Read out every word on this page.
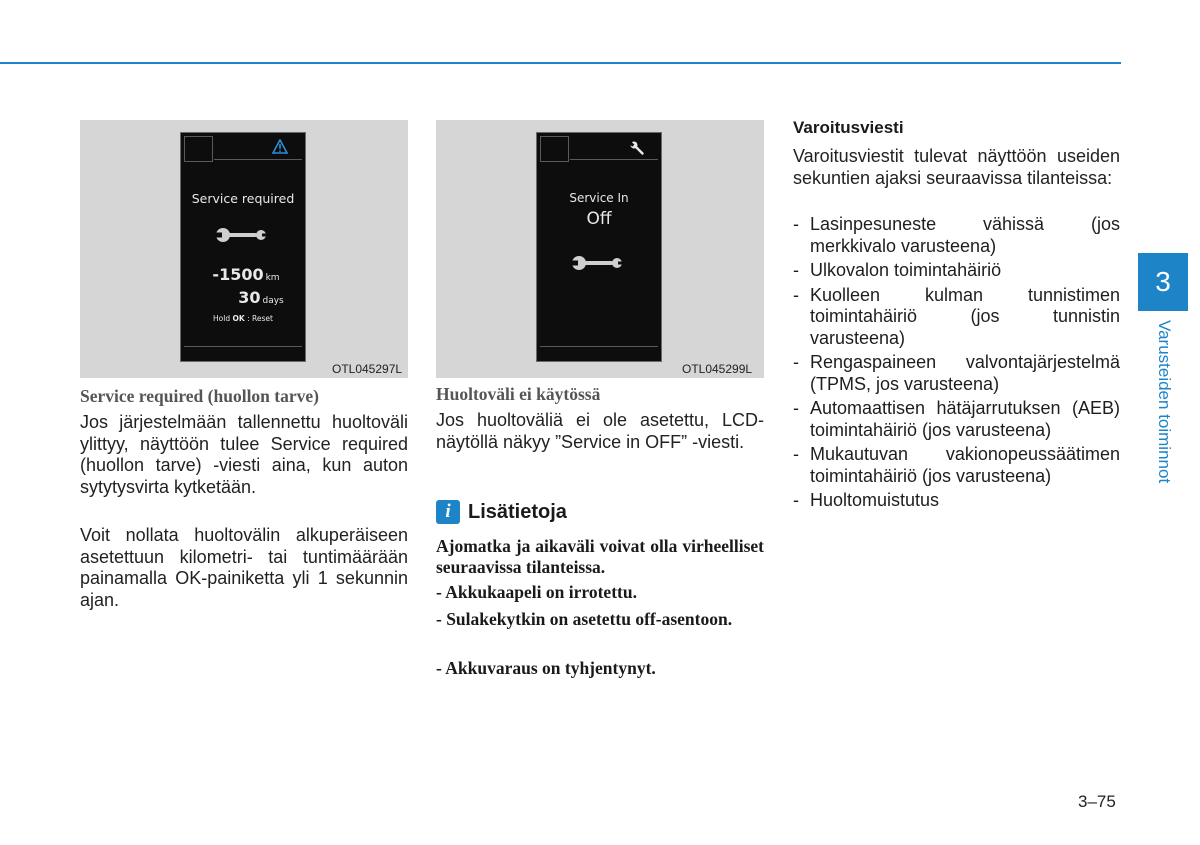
Service required
-1500 km
30 days
Hold OK : Reset
OTL045297L
Service In
Off
OTL045299L
Service required (huollon tarve)
Jos järjestelmään tallennettu huoltoväli ylittyy, näyttöön tulee Service required (huollon tarve) -viesti aina, kun auton sytytysvirta kytketään.
Voit nollata huoltovälin alkuperäiseen asetettuun kilometri- tai tuntimäärään painamalla OK-painiketta yli 1 sekunnin ajan.
Huoltoväli ei käytössä
Jos huoltoväliä ei ole asetettu, LCD-näytöllä näkyy ”Service in OFF” -viesti.
i Lisätietoja
Ajomatka ja aikaväli voivat olla virheelliset seuraavissa tilanteissa.
- Akkukaapeli on irrotettu.
- Sulakekytkin on asetettu off-asentoon.
- Akkuvaraus on tyhjentynyt.
Varoitusviesti
Varoitusviestit tulevat näyttöön useiden sekuntien ajaksi seuraavissa tilanteissa:
- Lasinpesuneste vähissä (jos merkkivalo varusteena)
- Ulkovalon toimintahäiriö
- Kuolleen kulman tunnistimen toimintahäiriö (jos tunnistin varusteena)
- Rengaspaineen valvontajärjestelmä (TPMS, jos varusteena)
- Automaattisen hätäjarrutuksen (AEB) toimintahäiriö (jos varusteena)
- Mukautuvan vakionopeussäätimen toimintahäiriö (jos varusteena)
- Huoltomuistutus
3
Varusteiden toiminnot
3–75
